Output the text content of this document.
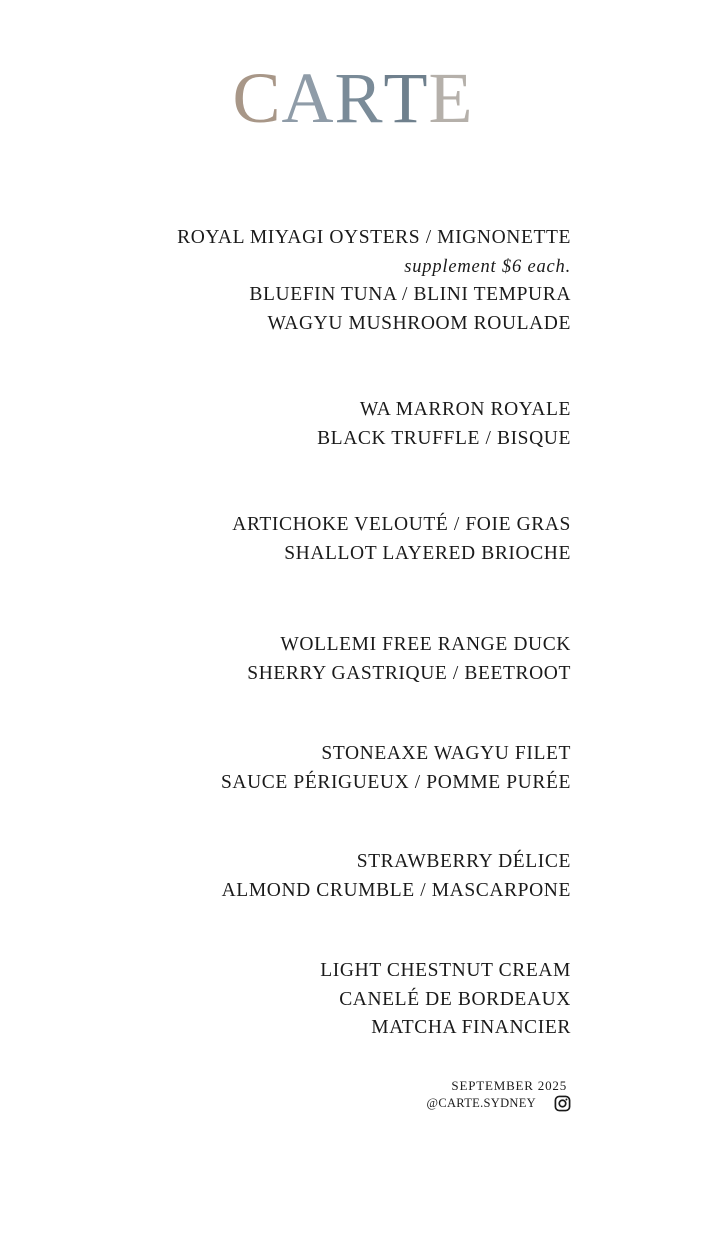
CARTE
ROYAL MIYAGI OYSTERS / MIGNONETTE
supplement $6 each.
BLUEFIN TUNA / BLINI TEMPURA
WAGYU MUSHROOM ROULADE
WA MARRON ROYALE
BLACK TRUFFLE / BISQUE
ARTICHOKE VELOUTÉ / FOIE GRAS
SHALLOT LAYERED BRIOCHE
WOLLEMI FREE RANGE DUCK
SHERRY GASTRIQUE / BEETROOT
STONEAXE WAGYU FILET
SAUCE PÉRIGUEUX / POMME PURÉE
STRAWBERRY DÉLICE
ALMOND CRUMBLE / MASCARPONE
LIGHT CHESTNUT CREAM
CANELÉ DE BORDEAUX
MATCHA FINANCIER
SEPTEMBER 2025
@CARTE.SYDNEY
